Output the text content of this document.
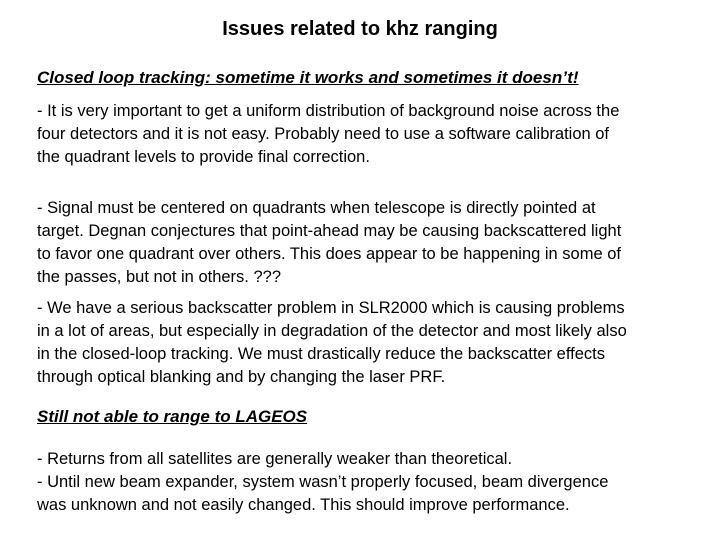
Issues related to khz ranging
Closed loop tracking: sometime it works and sometimes it doesn’t!
- It is very important to get a uniform distribution of background noise across the
four detectors and it is not easy. Probably need to use a software calibration of
the quadrant levels to provide final correction.
- Signal must be centered on quadrants when telescope is directly pointed at
target. Degnan conjectures that point-ahead may be causing backscattered light
to favor one quadrant over others. This does appear to be happening in some of
the passes, but not in others. ???
- We have a serious backscatter problem in SLR2000 which is causing problems
in a lot of areas, but especially in degradation of the detector and most likely also
in the closed-loop tracking. We must drastically reduce the backscatter effects
through optical blanking and by changing the laser PRF.
Still not able to range to LAGEOS
- Returns from all satellites are generally weaker than theoretical.
- Until new beam expander, system wasn’t properly focused, beam divergence
was unknown and not easily changed. This should improve performance.
